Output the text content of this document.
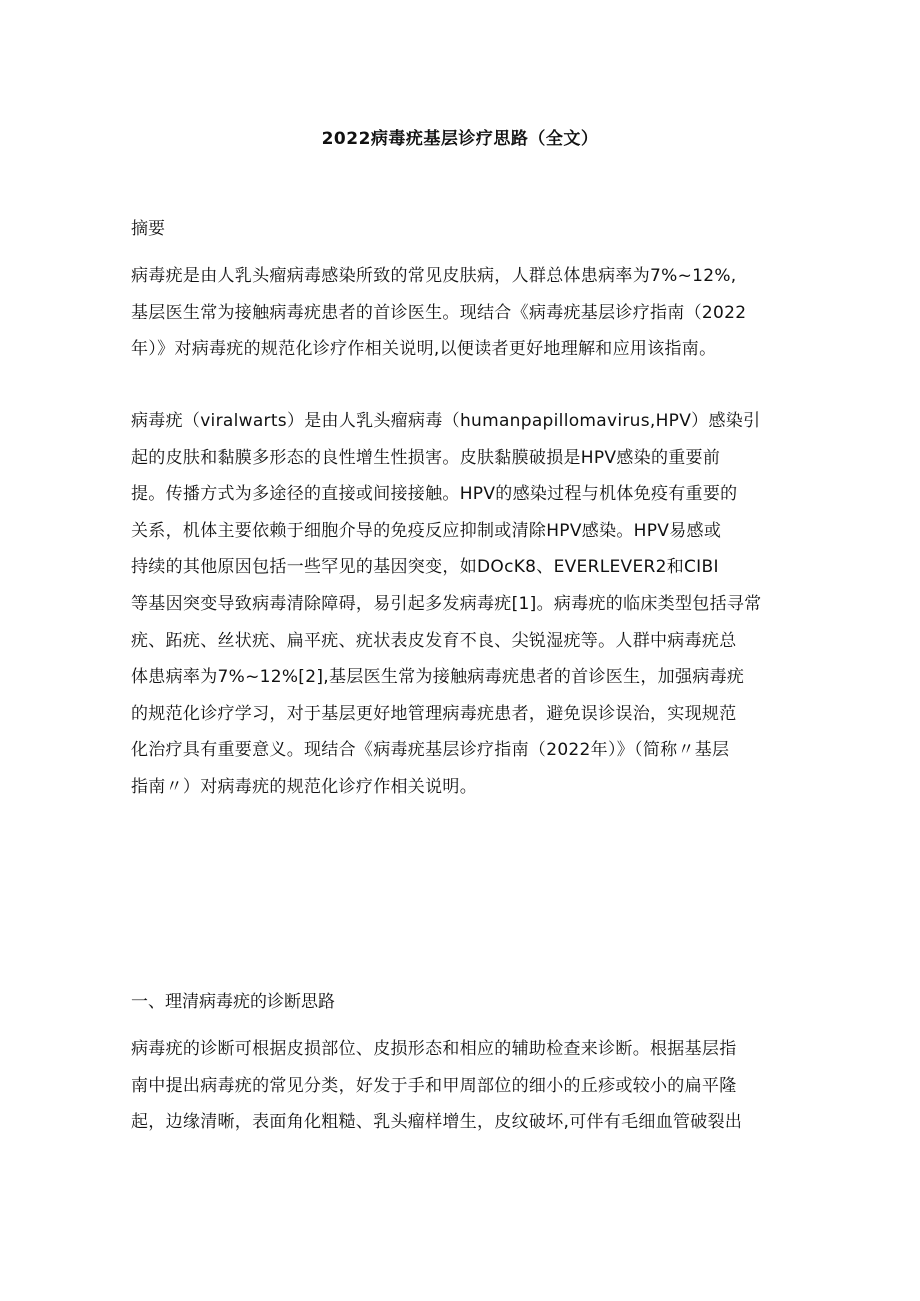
2022病毒疣基层诊疗思路（全文）
摘要
病毒疣是由人乳头瘤病毒感染所致的常见皮肤病，人群总体患病率为7%~12%,
基层医生常为接触病毒疣患者的首诊医生。现结合《病毒疣基层诊疗指南（2022
年）》对病毒疣的规范化诊疗作相关说明,以便读者更好地理解和应用该指南。
病毒疣（viralwarts）是由人乳头瘤病毒（humanpapillomavirus,HPV）感染引
起的皮肤和黏膜多形态的良性增生性损害。皮肤黏膜破损是HPV感染的重要前
提。传播方式为多途径的直接或间接接触。HPV的感染过程与机体免疫有重要的
关系，机体主要依赖于细胞介导的免疫反应抑制或清除HPV感染。HPV易感或
持续的其他原因包括一些罕见的基因突变，如DOcK8、EVERLEVER2和CIBI
等基因突变导致病毒清除障碍，易引起多发病毒疣[1]。病毒疣的临床类型包括寻常
疣、跖疣、丝状疣、扁平疣、疣状表皮发育不良、尖锐湿疣等。人群中病毒疣总
体患病率为7%~12%[2],基层医生常为接触病毒疣患者的首诊医生，加强病毒疣
的规范化诊疗学习，对于基层更好地管理病毒疣患者，避免误诊误治，实现规范
化治疗具有重要意义。现结合《病毒疣基层诊疗指南（2022年）》（简称〃基层
指南〃）对病毒疣的规范化诊疗作相关说明。
一、理清病毒疣的诊断思路
病毒疣的诊断可根据皮损部位、皮损形态和相应的辅助检查来诊断。根据基层指
南中提出病毒疣的常见分类，好发于手和甲周部位的细小的丘疹或较小的扁平隆
起，边缘清晰，表面角化粗糙、乳头瘤样增生，皮纹破坏,可伴有毛细血管破裂出
